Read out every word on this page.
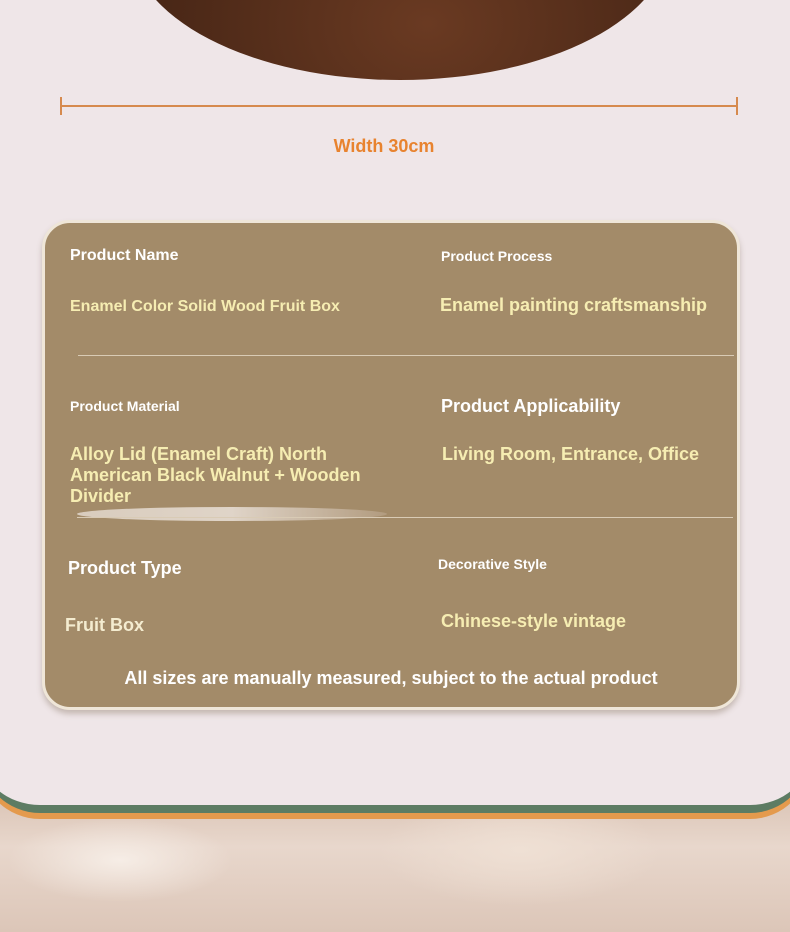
Width 30cm
Product Name
Enamel Color Solid Wood Fruit Box
Product Process
Enamel painting craftsmanship
Product Material
Alloy Lid (Enamel Craft) North American Black Walnut + Wooden Divider
Product Applicability
Living Room, Entrance, Office
Product Type
Fruit Box
Decorative Style
Chinese-style vintage
All sizes are manually measured, subject to the actual product
